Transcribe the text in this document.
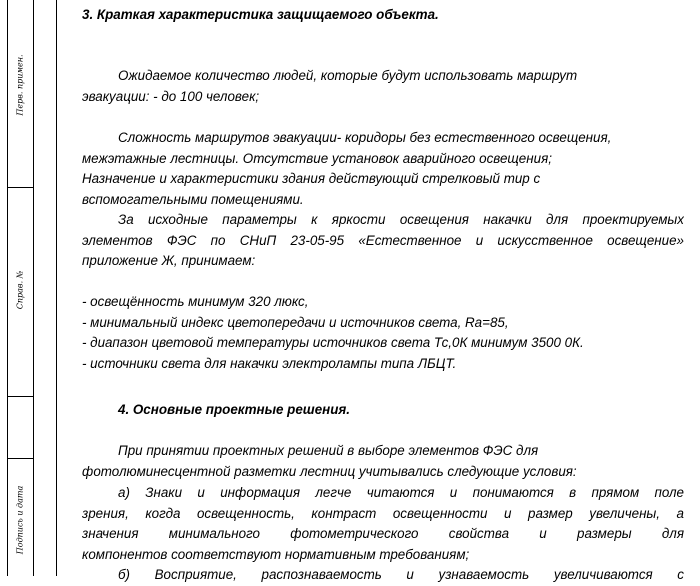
Перв. примен.
Справ. №
Подпись и дата
3. Краткая характеристика защищаемого объекта.
Ожидаемое количество людей, которые будут использовать маршрут
эвакуации: - до 100 человек;
Сложность маршрутов эвакуации- коридоры без естественного освещения,
межэтажные лестницы. Отсутствие установок аварийного освещения;
Назначение и характеристики здания действующий стрелковый тир с
вспомогательными помещениями.
За исходные параметры к яркости освещения накачки для проектируемых
элементов ФЭС по СНиП 23-05-95 «Естественное и искусственное освещение»
приложение Ж, принимаем:
- освещённость минимум 320 люкс,
- минимальный индекс цветопередачи и источников света, Ra=85,
- диапазон цветовой температуры источников света Тс,0К минимум 3500 0К.
- источники света для накачки электролампы типа ЛБЦТ.
4. Основные проектные решения.
При принятии проектных решений в выборе элементов ФЭС для
фотолюминесцентной разметки лестниц учитывались следующие условия:
а) Знаки и информация легче читаются и понимаются в прямом поле
зрения, когда освещенность, контраст освещенности и размер увеличены, а
значения минимального фотометрического свойства и размеры для
компонентов соответствуют нормативным требованиям;
б) Восприятие, распознаваемость и узнаваемость увеличиваются с
